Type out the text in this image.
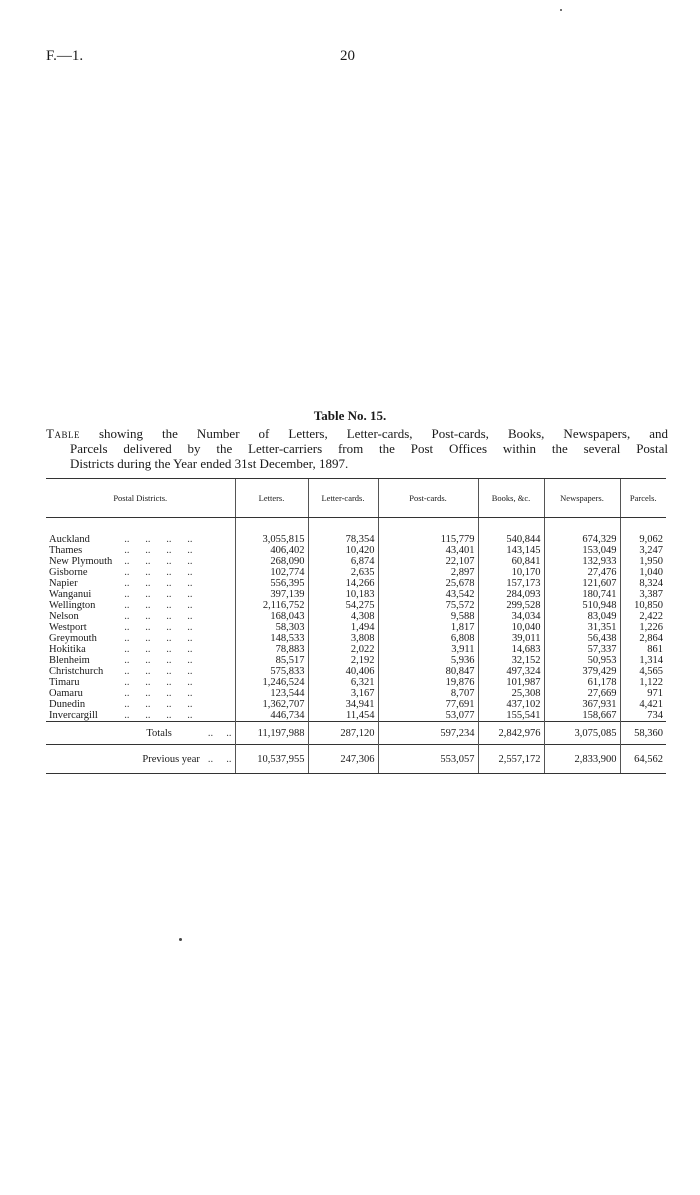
F.—1.	20
Table No. 15.
Table showing the Number of Letters, Letter-cards, Post-cards, Books, Newspapers, and
Parcels delivered by the Letter-carriers from the Post Offices within the several Postal
Districts during the Year ended 31st December, 1897.
Postal Districts.	Letters.	Letter-cards.	Post-cards.	Books, &c.	Newspapers.	Parcels.

Auckland ..      ..      ..      ..	3,055,815	78,354	115,779	540,844	674,329	9,062
Thames ..      ..      ..      ..	406,402	10,420	43,401	143,145	153,049	3,247
New Plymouth  ..      ..      ..      ..	268,090	6,874	22,107	60,841	132,933	1,950
Gisborne ..      ..      ..      ..	102,774	2,635	2,897	10,170	27,476	1,040
Napier ..      ..      ..      ..	556,395	14,266	25,678	157,173	121,607	8,324
Wanganui ..      ..      ..      ..	397,139	10,183	43,542	284,093	180,741	3,387
Wellington  ..      ..      ..      ..	2,116,752	54,275	75,572	299,528	510,948	10,850
Nelson ..      ..      ..      ..	168,043	4,308	9,588	34,034	83,049	2,422
Westport ..      ..      ..      ..	58,303	1,494	1,817	10,040	31,351	1,226
Greymouth  ..      ..      ..      ..	148,533	3,808	6,808	39,011	56,438	2,864
Hokitika ..      ..      ..      ..	78,883	2,022	3,911	14,683	57,337	861
Blenheim ..      ..      ..      ..	85,517	2,192	5,936	32,152	50,953	1,314
Christchurch  ..      ..      ..      ..	575,833	40,406	80,847	497,324	379,429	4,565
Timaru ..      ..      ..      ..	1,246,524	6,321	19,876	101,987	61,178	1,122
Oamaru ..      ..      ..      ..	123,544	3,167	8,707	25,308	27,669	971
Dunedin ..      ..      ..      ..	1,362,707	34,941	77,691	437,102	367,931	4,421
Invercargill  ..      ..      ..      ..	446,734	11,454	53,077	155,541	158,667	734
Totals ..     ..	11,197,988	287,120	597,234	2,842,976	3,075,085	58,360
Previous year ..     ..	10,537,955	247,306	553,057	2,557,172	2,833,900	64,562
